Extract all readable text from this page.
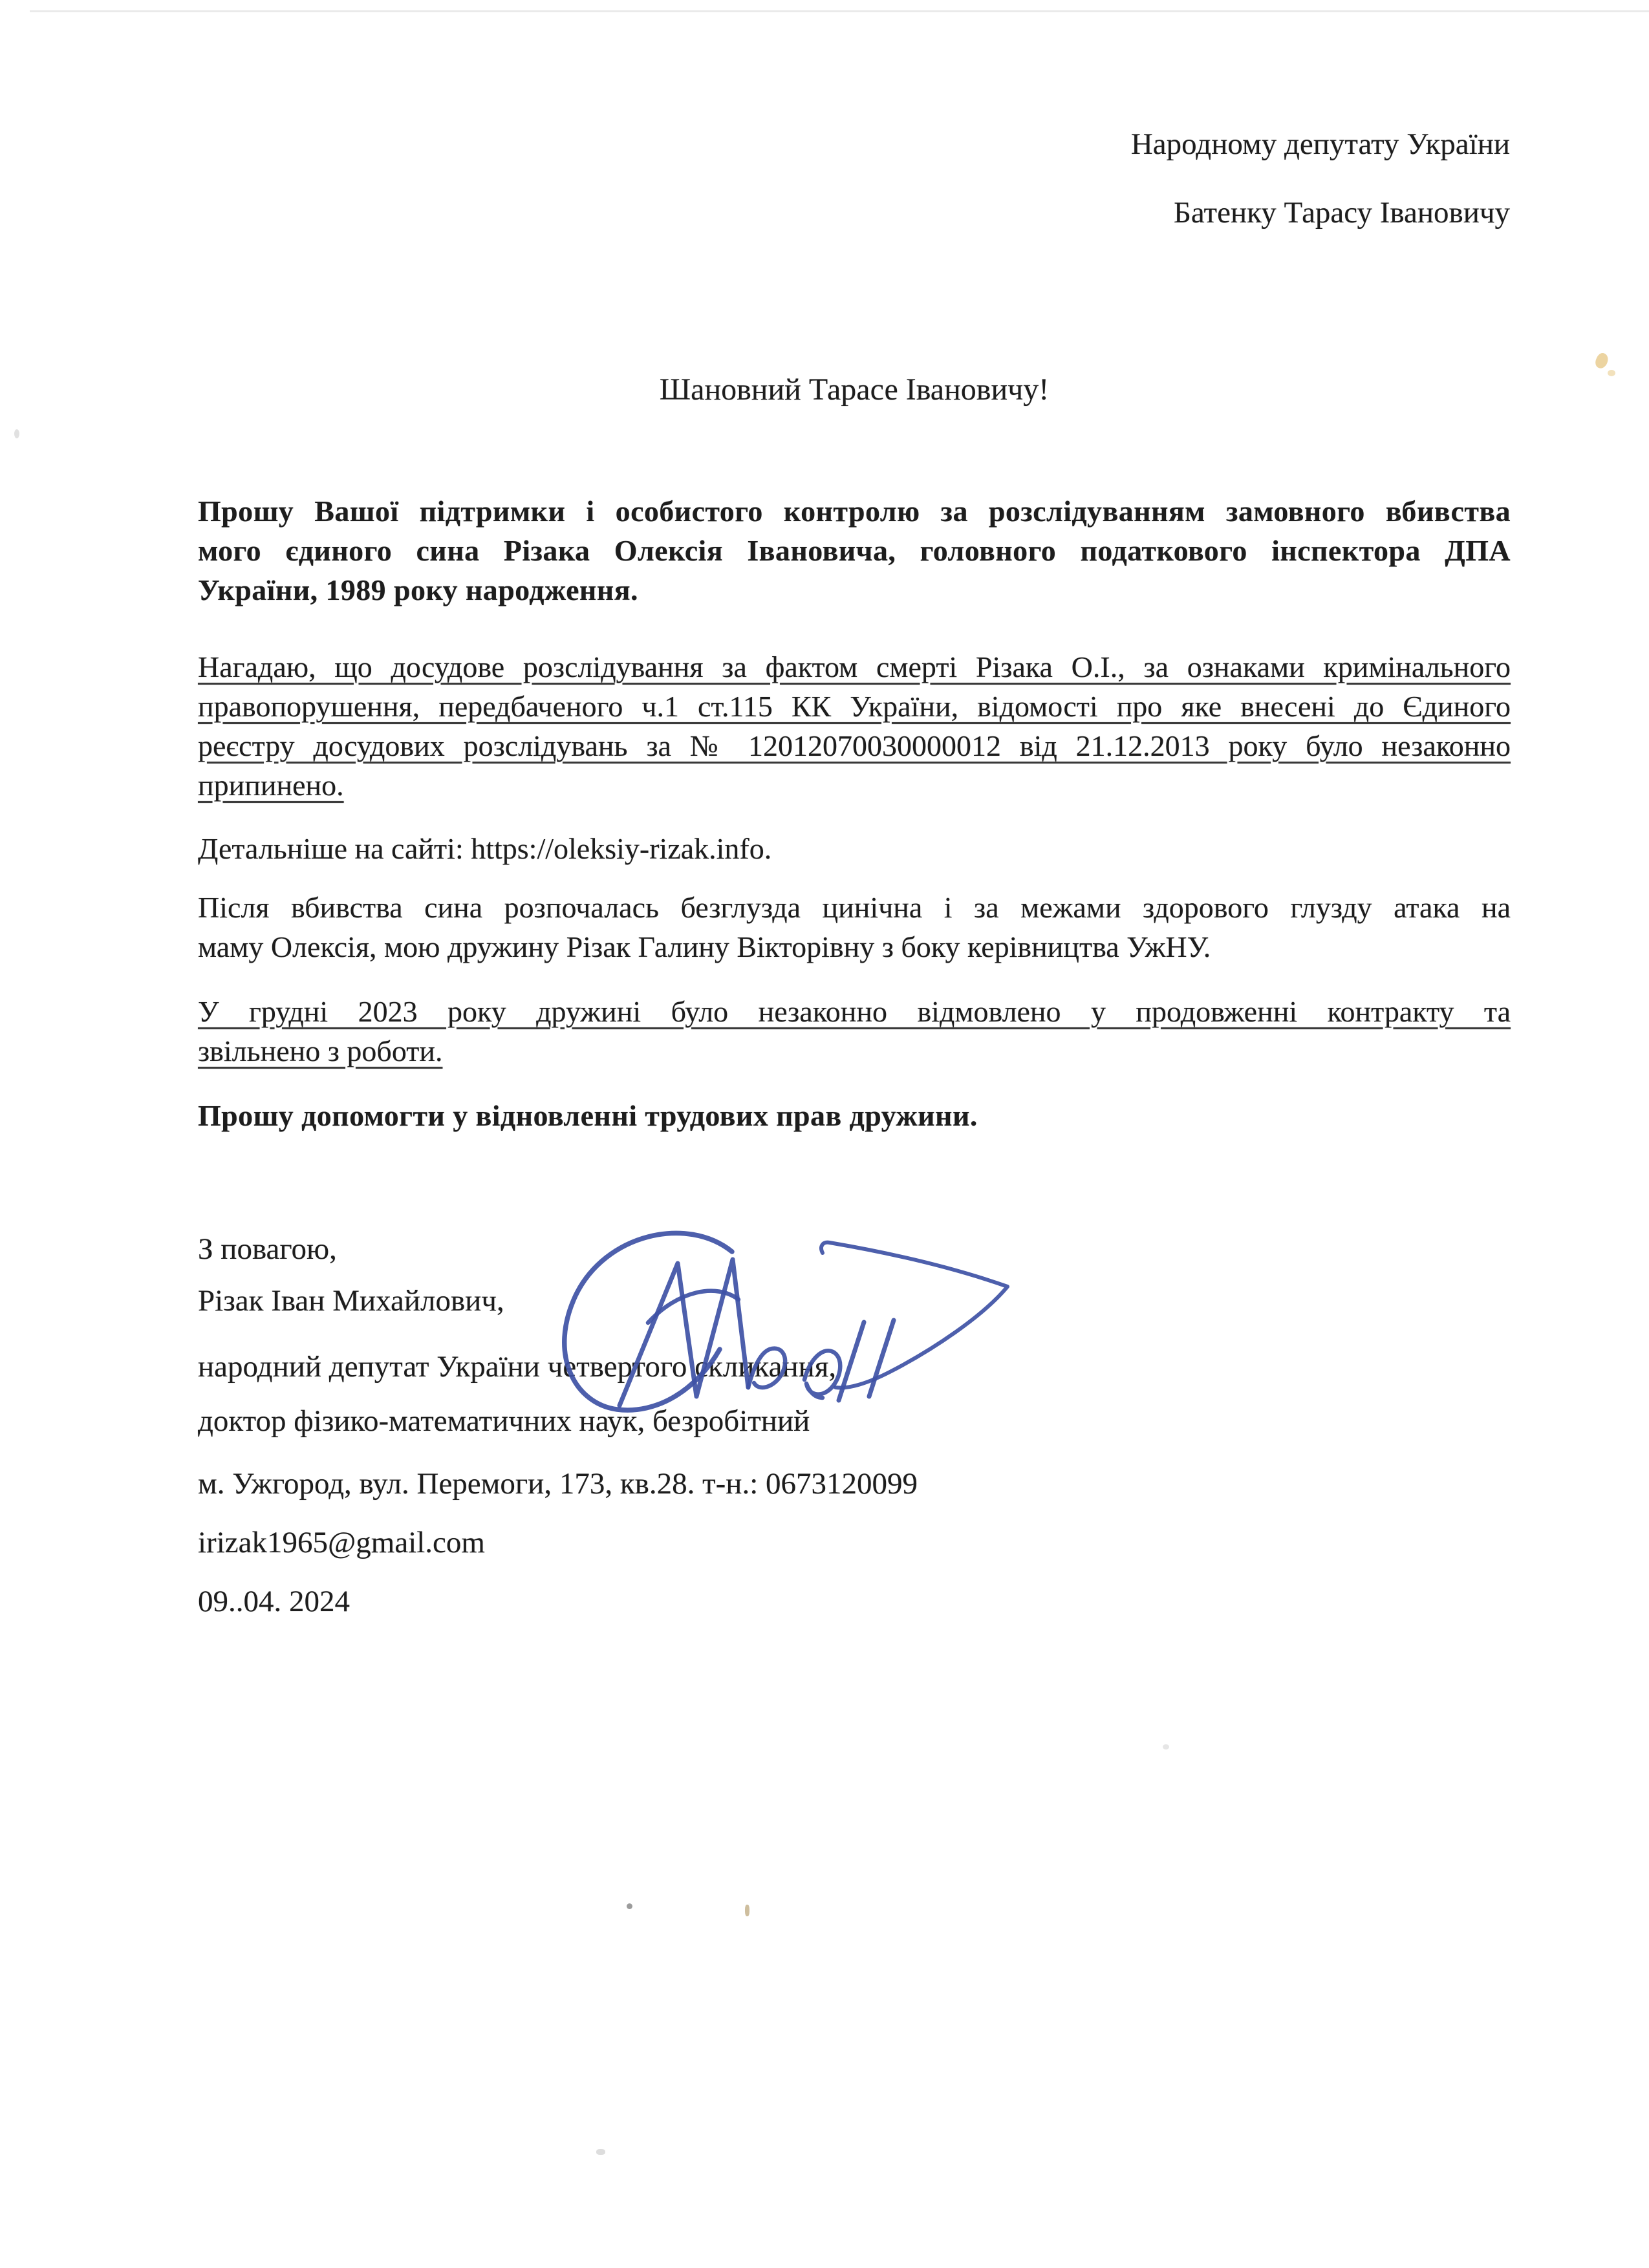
Народному депутату України
Батенку Тарасу Івановичу
Шановний Тарасе Івановичу!

Прошу Вашої підтримки і особистого контролю за розслідуванням замовного вбивства
мого єдиного сина Різака Олексія Івановича, головного податкового інспектора ДПА
України, 1989 року народження.

Нагадаю, що досудове розслідування за фактом смерті Різака О.І., за ознаками кримінального
правопорушення, передбаченого ч.1 ст.115 КК України, відомості про яке внесені до Єдиного
реєстру досудових розслідувань за № 12012070030000012 від 21.12.2013 року було незаконно
припинено.

Детальніше на сайті: https://oleksiy-rizak.info.

Після вбивства сина розпочалась безглузда цинічна і за межами здорового глузду атака на
маму Олексія, мою дружину Різак Галину Вікторівну з боку керівництва УжНУ.

У грудні 2023 року дружині було незаконно відмовлено у продовженні контракту та
звільнено з роботи.

Прошу допомогти у відновленні трудових прав дружини.

З повагою,
Різак Іван Михайлович,
народний депутат України четвертого скликання,
доктор фізико-математичних наук, безробітний
м. Ужгород, вул. Перемоги, 173, кв.28. т-н.: 0673120099
irizak1965@gmail.com
09..04. 2024
